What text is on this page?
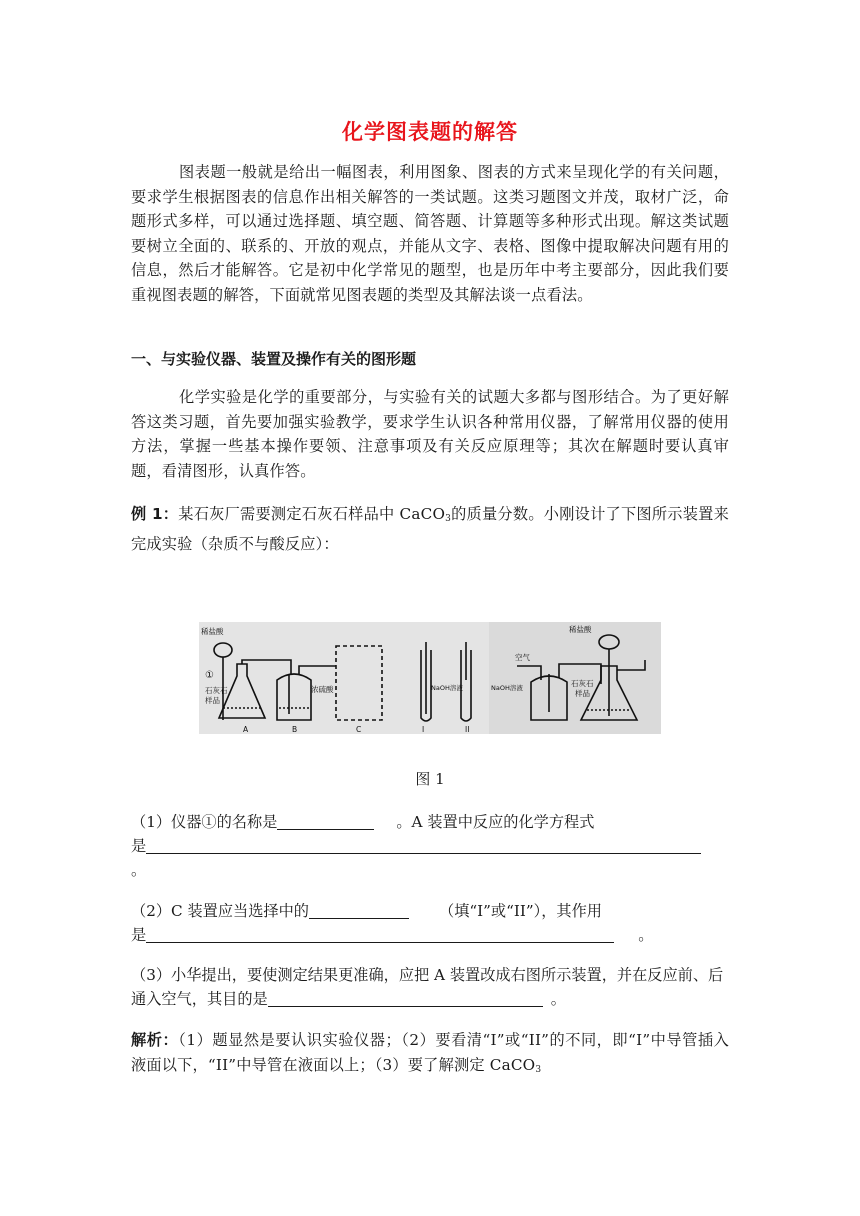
化学图表题的解答
图表题一般就是给出一幅图表，利用图象、图表的方式来呈现化学的有关问题，要求学生根据图表的信息作出相关解答的一类试题。这类习题图文并茂，取材广泛，命题形式多样，可以通过选择题、填空题、简答题、计算题等多种形式出现。解这类试题要树立全面的、联系的、开放的观点，并能从文字、表格、图像中提取解决问题有用的信息，然后才能解答。它是初中化学常见的题型，也是历年中考主要部分，因此我们要重视图表题的解答，下面就常见图表题的类型及其解法谈一点看法。
一、与实验仪器、装置及操作有关的图形题
化学实验是化学的重要部分，与实验有关的试题大多都与图形结合。为了更好解答这类习题，首先要加强实验教学，要求学生认识各种常用仪器，了解常用仪器的使用方法，掌握一些基本操作要领、注意事项及有关反应原理等；其次在解题时要认真审题，看清图形，认真作答。
例 1：某石灰厂需要测定石灰石样品中 CaCO$_3$的质量分数。小刚设计了下图所示装置来完成实验（杂质不与酸反应）：
稀盐酸
①
石灰石
样品
浓硫酸	NaOH溶液
A	B	C	I	II
稀盐酸
空气
NaOH溶液	石灰石
样品
图 1
（1）仪器①的名称是	。A 装置中反应的化学方程式
是
。
（2）C 装置应当选择中的	（填“I”或“II”），其作用
是	。
（3）小华提出，要使测定结果更准确，应把 A 装置改成右图所示装置，并在反应前、后通入空气，其目的是	。
解析：（1）题显然是要认识实验仪器；（2）要看清“I”或“II”的不同，即“I”中导管插入液面以下，“II”中导管在液面以上；（3）要了解测定 CaCO$_3$
